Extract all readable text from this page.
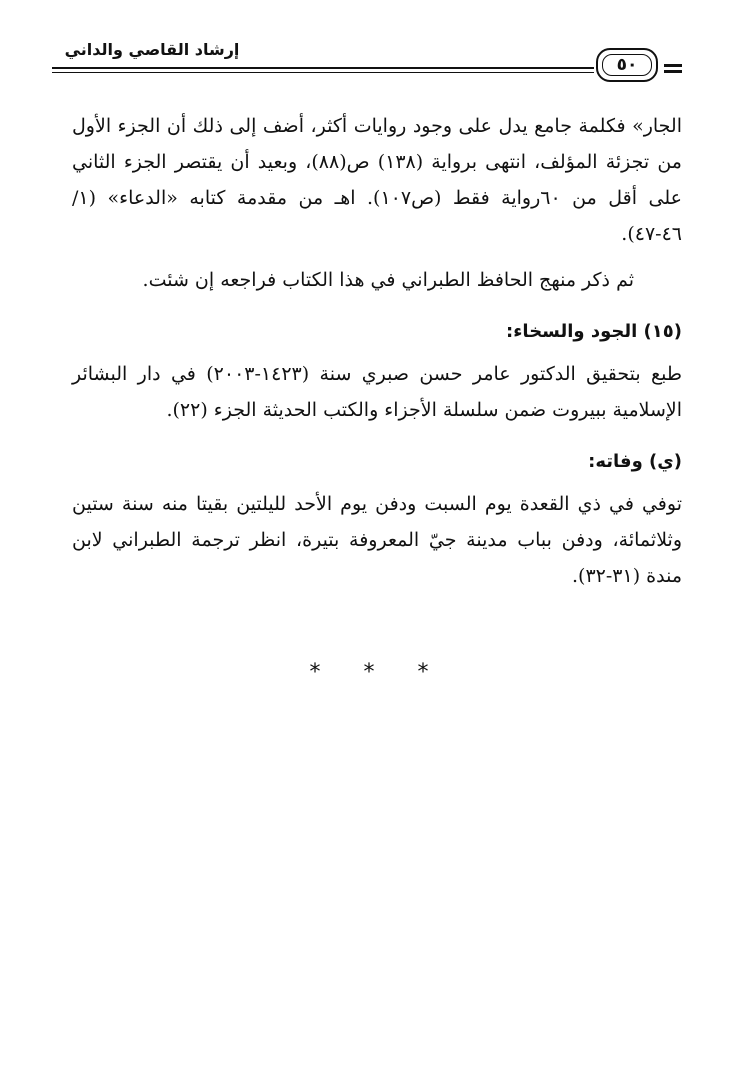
إرشاد القاصي والداني
٥٠

الجار» فكلمة جامع يدل على وجود روايات أكثر، أضف إلى ذلك أن الجزء الأول من تجزئة المؤلف، انتهى برواية (١٣٨) ص(٨٨)، وبعيد أن يقتصر الجزء الثاني على أقل من ٦٠رواية فقط (ص١٠٧). اهـ من مقدمة كتابه «الدعاء» (١/ ٤٦-٤٧).

ثم ذكر منهج الحافظ الطبراني في هذا الكتاب فراجعه إن شئت.

(١٥) الجود والسخاء:

طبع بتحقيق الدكتور عامر حسن صبري سنة (١٤٢٣-٢٠٠٣) في دار البشائر الإسلامية ببيروت ضمن سلسلة الأجزاء والكتب الحديثة الجزء (٢٢).

(ي) وفاته:

توفي في ذي القعدة يوم السبت ودفن يوم الأحد لليلتين بقيتا منه سنة ستين وثلاثمائة، ودفن بباب مدينة جيّ المعروفة بتيرة، انظر ترجمة الطبراني لابن مندة (٣١-٣٢).

* * *
